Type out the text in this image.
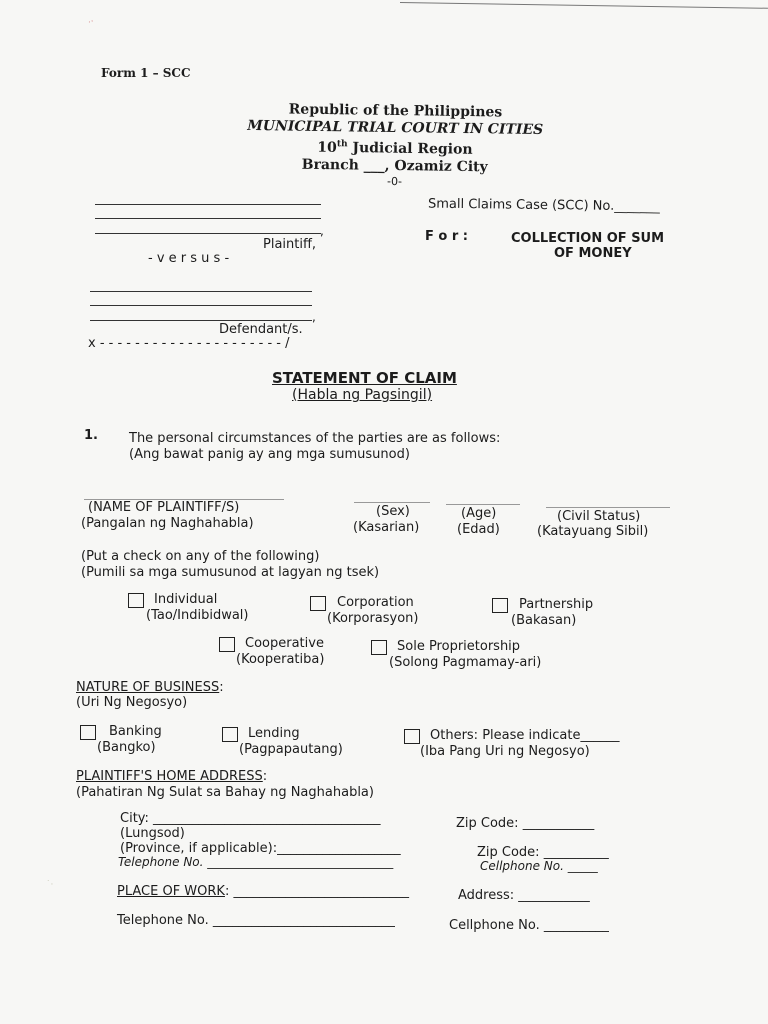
Form 1 – SCC
Republic of the Philippines
MUNICIPAL TRIAL COURT IN CITIES
10th Judicial Region
Branch ___, Ozamiz City
-0-
,
Plaintiff,
- v e r s u s -
,
Defendant/s.
x - - - - - - - - - - - - - - - - - - - - - /
Small Claims Case (SCC) No._______
F o r :	COLLECTION OF SUM
OF MONEY
STATEMENT OF CLAIM
(Habla ng Pagsingil)
1. The personal circumstances of the parties are as follows:
(Ang bawat panig ay ang mga sumusunod)
(NAME OF PLAINTIFF/S)
(Pangalan ng Naghahabla)
(Sex)
(Kasarian)
(Age)
(Edad)
(Civil Status)
(Katayuang Sibil)
(Put a check on any of the following)
(Pumili sa mga sumusunod at lagyan ng tsek)
Individual
(Tao/Indibidwal)
Corporation
(Korporasyon)
Partnership
(Bakasan)
Cooperative
(Kooperatiba)
Sole Proprietorship
(Solong Pagmamay-ari)
NATURE OF BUSINESS:
(Uri Ng Negosyo)
Banking
(Bangko)
Lending
(Pagpapautang)
Others: Please indicate______
(Iba Pang Uri ng Negosyo)
PLAINTIFF'S HOME ADDRESS:
(Pahatiran Ng Sulat sa Bahay ng Naghahabla)
City: ___________________________________	Zip Code: ___________
(Lungsod)
(Province, if applicable):___________________	Zip Code: __________
Telephone No. _______________________________	Cellphone No. _____
PLACE OF WORK: ___________________________	Address: ___________
Telephone No. ____________________________	Cellphone No. __________
·ˑ
˙·
